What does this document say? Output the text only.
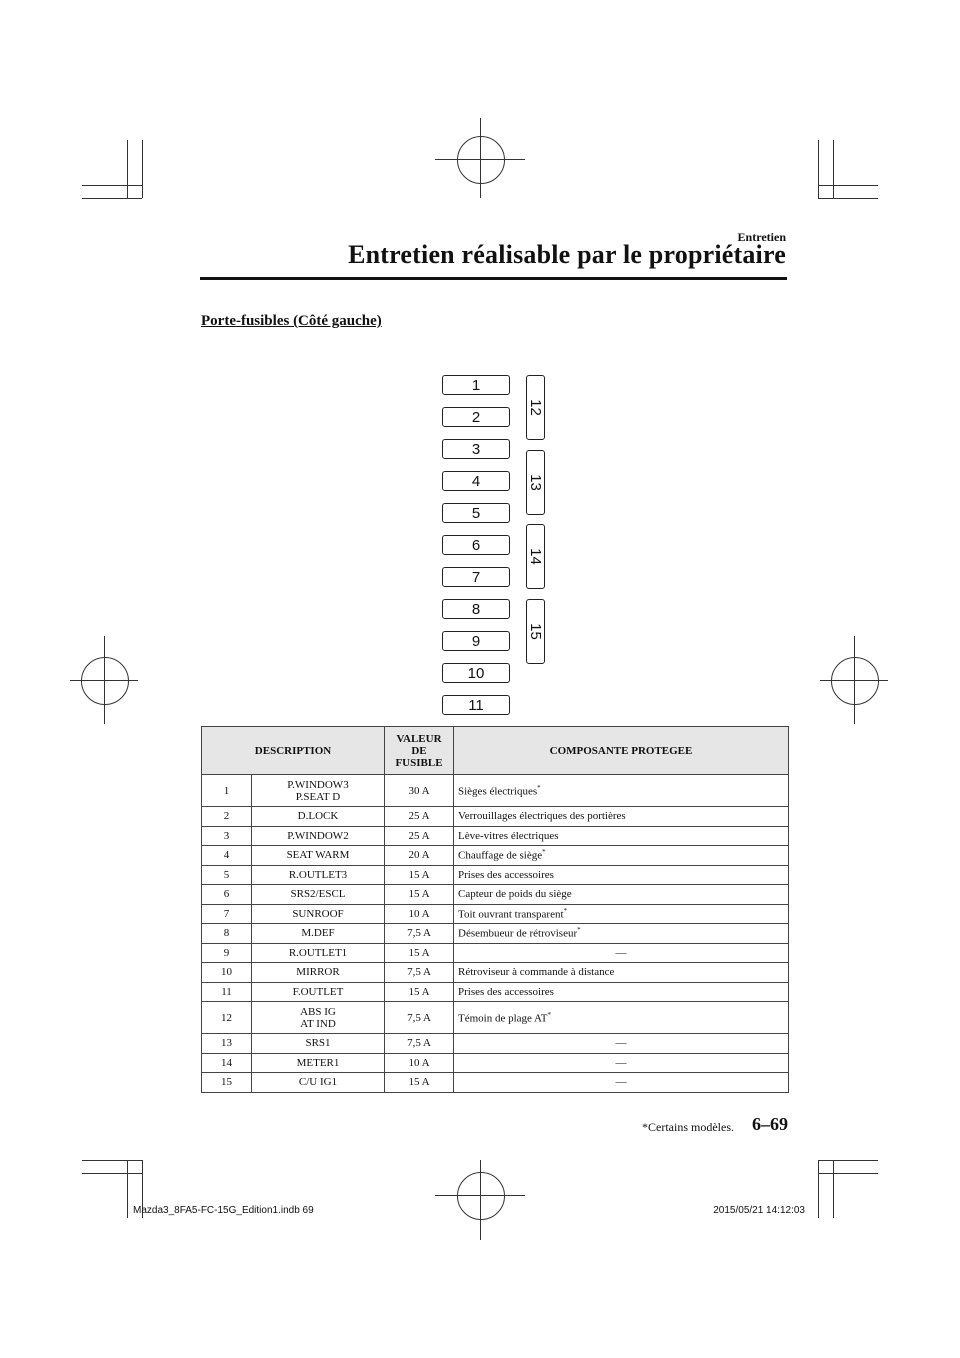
Entretien
Entretien réalisable par le propriétaire
Porte-fusibles (Côté gauche)
1
2
3
4
5
6
7
8
9
10
11
12
13
14
15
DESCRIPTION		VALEUR
DE
FUSIBLE	COMPOSANTE PROTEGEE
1	P.WINDOW3
P.SEAT D	30 A	Sièges électriques*
2	D.LOCK	25 A	Verrouillages électriques des portières
3	P.WINDOW2	25 A	Lève-vitres électriques
4	SEAT WARM	20 A	Chauffage de siège*
5	R.OUTLET3	15 A	Prises des accessoires
6	SRS2/ESCL	15 A	Capteur de poids du siège
7	SUNROOF	10 A	Toit ouvrant transparent*
8	M.DEF	7,5 A	Désembueur de rétroviseur*
9	R.OUTLET1	15 A	—
10	MIRROR	7,5 A	Rétroviseur à commande à distance
11	F.OUTLET	15 A	Prises des accessoires
12	ABS IG
AT IND	7,5 A	Témoin de plage AT*
13	SRS1	7,5 A	—
14	METER1	10 A	—
15	C/U IG1	15 A	—
*Certains modèles. 6–69
Mazda3_8FA5-FC-15G_Edition1.indb 69	2015/05/21 14:12:03
